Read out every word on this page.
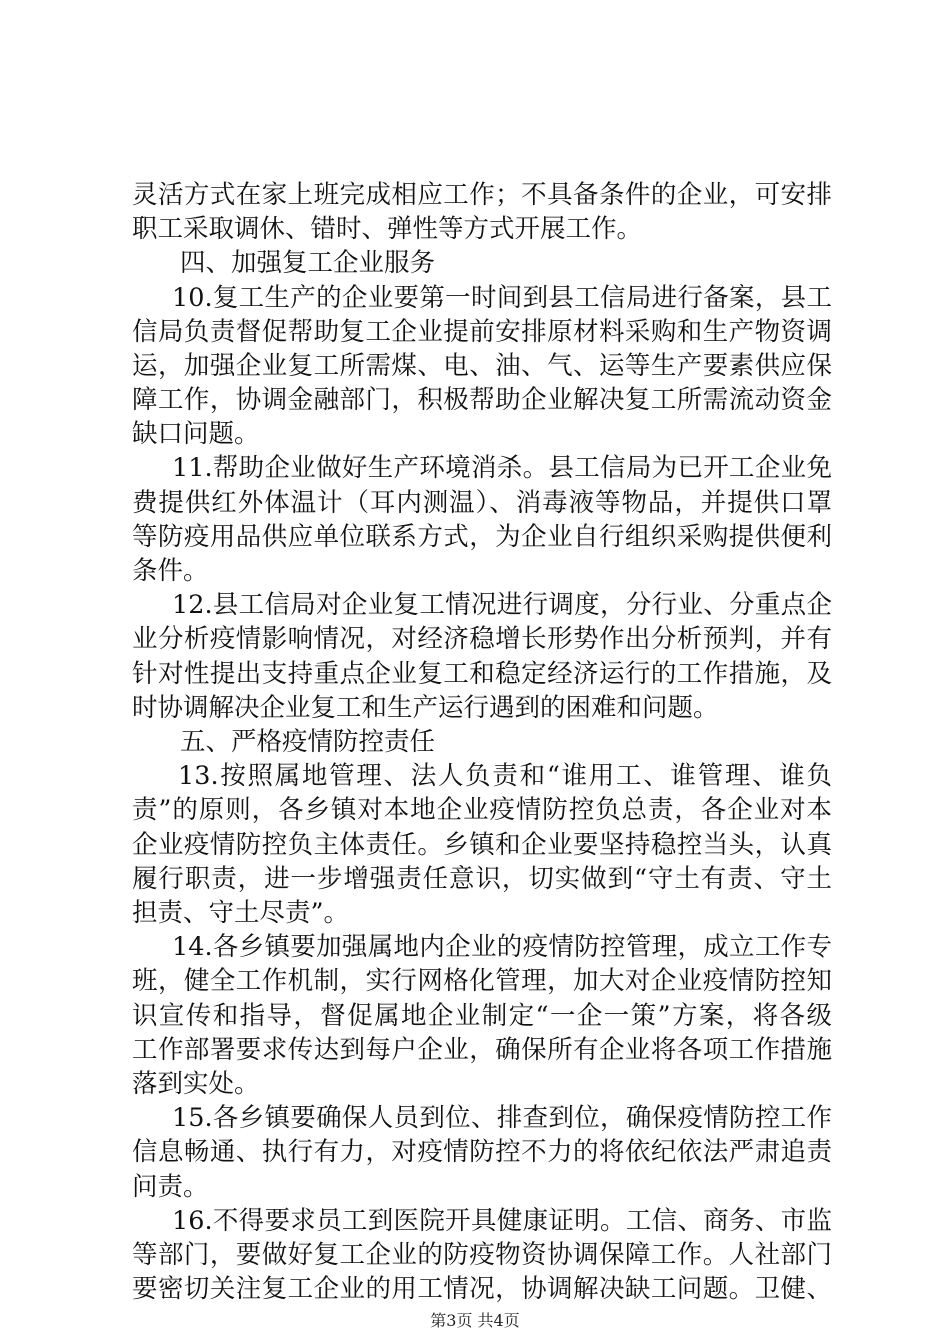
灵活方式在家上班完成相应工作；不具备条件的企业，可安排
职工采取调休、错时、弹性等方式开展工作。
四、加强复工企业服务
10.复工生产的企业要第一时间到县工信局进行备案，县工
信局负责督促帮助复工企业提前安排原材料采购和生产物资调
运，加强企业复工所需煤、电、油、气、运等生产要素供应保
障工作，协调金融部门，积极帮助企业解决复工所需流动资金
缺口问题。
11.帮助企业做好生产环境消杀。县工信局为已开工企业免
费提供红外体温计（耳内测温）、消毒液等物品，并提供口罩
等防疫用品供应单位联系方式，为企业自行组织采购提供便利
条件。
12.县工信局对企业复工情况进行调度，分行业、分重点企
业分析疫情影响情况，对经济稳增长形势作出分析预判，并有
针对性提出支持重点企业复工和稳定经济运行的工作措施，及
时协调解决企业复工和生产运行遇到的困难和问题。
五、严格疫情防控责任
13.按照属地管理、法人负责和“谁用工、谁管理、谁负
责”的原则，各乡镇对本地企业疫情防控负总责，各企业对本
企业疫情防控负主体责任。乡镇和企业要坚持稳控当头，认真
履行职责，进一步增强责任意识，切实做到“守土有责、守土
担责、守土尽责”。
14.各乡镇要加强属地内企业的疫情防控管理，成立工作专
班，健全工作机制，实行网格化管理，加大对企业疫情防控知
识宣传和指导，督促属地企业制定“一企一策”方案，将各级
工作部署要求传达到每户企业，确保所有企业将各项工作措施
落到实处。
15.各乡镇要确保人员到位、排查到位，确保疫情防控工作
信息畅通、执行有力，对疫情防控不力的将依纪依法严肃追责
问责。
16.不得要求员工到医院开具健康证明。工信、商务、市监
等部门，要做好复工企业的防疫物资协调保障工作。人社部门
要密切关注复工企业的用工情况，协调解决缺工问题。卫健、
第3页 共4页
